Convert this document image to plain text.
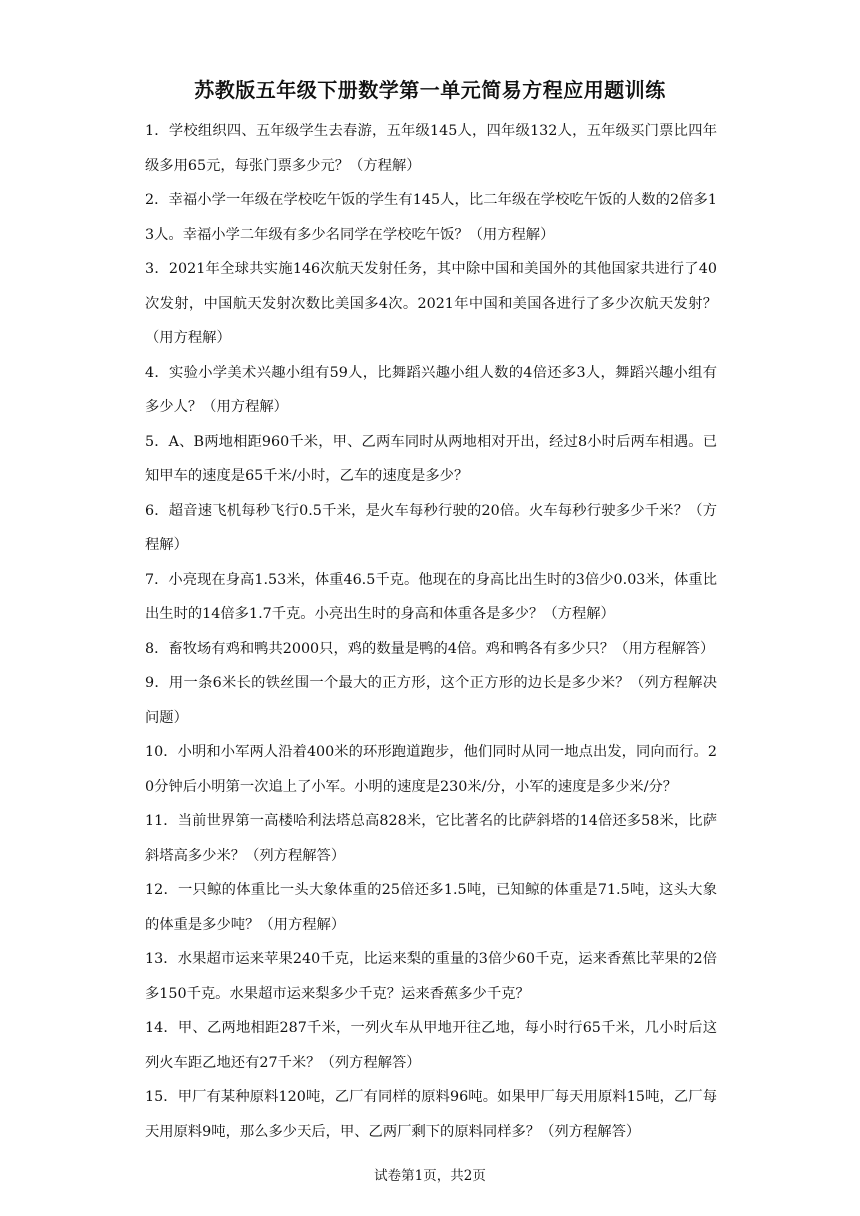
苏教版五年级下册数学第一单元简易方程应用题训练
1．学校组织四、五年级学生去春游，五年级145人，四年级132人，五年级买门票比四年级多用65元，每张门票多少元？（方程解）
2．幸福小学一年级在学校吃午饭的学生有145人，比二年级在学校吃午饭的人数的2倍多13人。幸福小学二年级有多少名同学在学校吃午饭？（用方程解）
3．2021年全球共实施146次航天发射任务，其中除中国和美国外的其他国家共进行了40次发射，中国航天发射次数比美国多4次。2021年中国和美国各进行了多少次航天发射？（用方程解）
4．实验小学美术兴趣小组有59人，比舞蹈兴趣小组人数的4倍还多3人，舞蹈兴趣小组有多少人？（用方程解）
5．A、B两地相距960千米，甲、乙两车同时从两地相对开出，经过8小时后两车相遇。已知甲车的速度是65千米/小时，乙车的速度是多少？
6．超音速飞机每秒飞行0.5千米，是火车每秒行驶的20倍。火车每秒行驶多少千米？（方程解）
7．小亮现在身高1.53米，体重46.5千克。他现在的身高比出生时的3倍少0.03米，体重比出生时的14倍多1.7千克。小亮出生时的身高和体重各是多少？（方程解）
8．畜牧场有鸡和鸭共2000只，鸡的数量是鸭的4倍。鸡和鸭各有多少只？（用方程解答）
9．用一条6米长的铁丝围一个最大的正方形，这个正方形的边长是多少米？（列方程解决问题）
10．小明和小军两人沿着400米的环形跑道跑步，他们同时从同一地点出发，同向而行。20分钟后小明第一次追上了小军。小明的速度是230米/分，小军的速度是多少米/分？
11．当前世界第一高楼哈利法塔总高828米，它比著名的比萨斜塔的14倍还多58米，比萨斜塔高多少米？（列方程解答）
12．一只鲸的体重比一头大象体重的25倍还多1.5吨，已知鲸的体重是71.5吨，这头大象的体重是多少吨？（用方程解）
13．水果超市运来苹果240千克，比运来梨的重量的3倍少60千克，运来香蕉比苹果的2倍多150千克。水果超市运来梨多少千克？运来香蕉多少千克？
14．甲、乙两地相距287千米，一列火车从甲地开往乙地，每小时行65千米，几小时后这列火车距乙地还有27千米？（列方程解答）
15．甲厂有某种原料120吨，乙厂有同样的原料96吨。如果甲厂每天用原料15吨，乙厂每天用原料9吨，那么多少天后，甲、乙两厂剩下的原料同样多？（列方程解答）
试卷第1页，共2页
